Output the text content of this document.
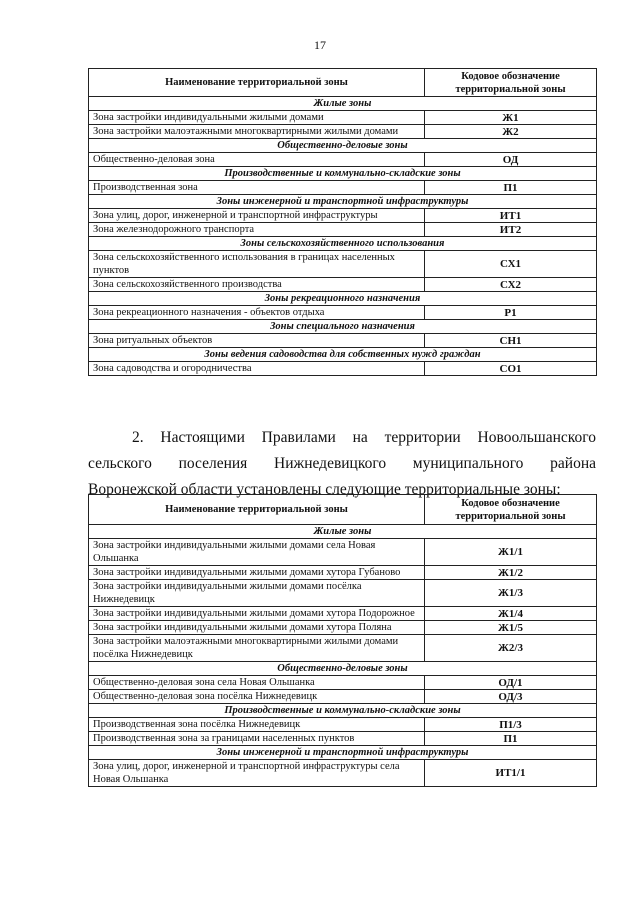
17
Наименование территориальной зоны	Кодовое обозначение территориальной зоны
Жилые зоны	
Зона застройки индивидуальными жилыми домами	Ж1
Зона застройки малоэтажными многоквартирными жилыми домами	Ж2
Общественно-деловые зоны	
Общественно-деловая зона	ОД
Производственные и коммунально-складские зоны	
Производственная зона	П1
Зоны инженерной и транспортной инфраструктуры	
Зона улиц, дорог, инженерной и транспортной инфраструктуры	ИТ1
Зона железнодорожного транспорта	ИТ2
Зоны сельскохозяйственного использования	
Зона сельскохозяйственного использования в границах населенных пунктов	СХ1
Зона сельскохозяйственного производства	СХ2
Зоны рекреационного назначения	
Зона рекреационного назначения - объектов отдыха	Р1
Зоны специального назначения	
Зона ритуальных объектов	СН1
Зоны ведения садоводства для собственных нужд граждан	
Зона садоводства и огородничества	СО1

2. Настоящими Правилами на территории Новоольшанского сельского поселения Нижнедевицкого муниципального района Воронежской области установлены следующие территориальные зоны:

Наименование территориальной зоны	Кодовое обозначение территориальной зоны
Жилые зоны	
Зона застройки индивидуальными жилыми домами села Новая Ольшанка	Ж1/1
Зона застройки индивидуальными жилыми домами хутора Губаново	Ж1/2
Зона застройки индивидуальными жилыми домами посёлка Нижнедевицк	Ж1/3
Зона застройки индивидуальными жилыми домами хутора Подорожное	Ж1/4
Зона застройки индивидуальными жилыми домами хутора Поляна	Ж1/5
Зона застройки малоэтажными многоквартирными жилыми домами посёлка Нижнедевицк	Ж2/3
Общественно-деловые зоны	
Общественно-деловая зона села Новая Ольшанка	ОД/1
Общественно-деловая зона посёлка Нижнедевицк	ОД/3
Производственные и коммунально-складские зоны	
Производственная зона посёлка Нижнедевицк	П1/3
Производственная зона за границами населенных пунктов	П1
Зоны инженерной и транспортной инфраструктуры	
Зона улиц, дорог, инженерной и транспортной инфраструктуры села Новая Ольшанка	ИТ1/1
